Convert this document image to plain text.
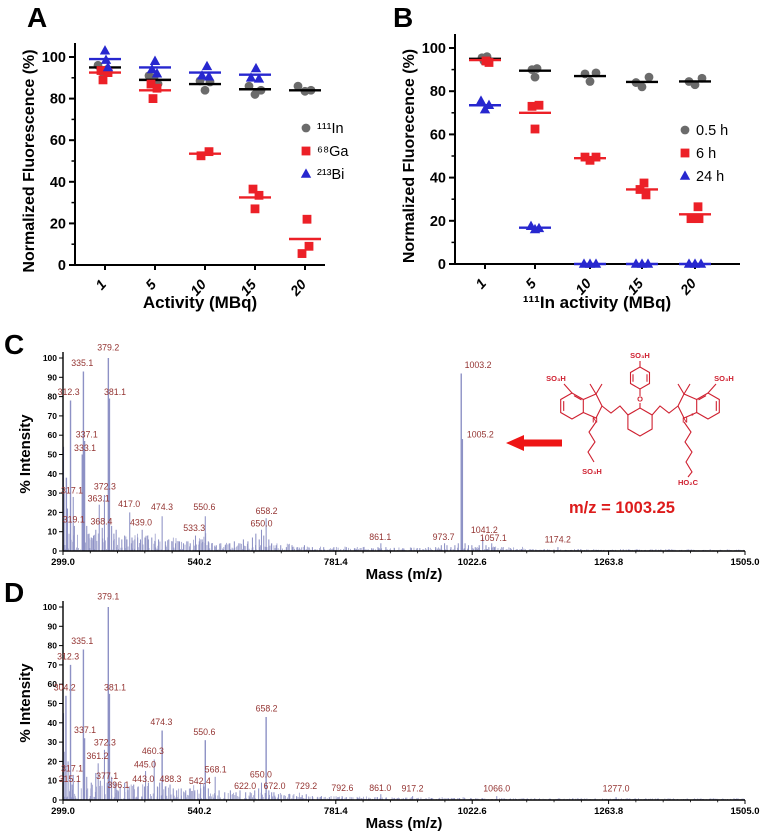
A	B
C
D
0
20
40
60
80
100
1 5 10 15 20
¹¹¹In
⁶⁸Ga
²¹³Bi
Activity (MBq)
Normalized Fluorescence (%)	0
20
40
60
80
100
1 5 10 15 20
0.5 h
6 h
24 h
¹¹¹In activity (MBq)
Normalized Fluorecence (%)
0
10
20
30
40
50
60
70
80
90
100
299.0	540.2	781.4	1022.6	1263.8	1505.0
379.2
335.1
312.3	381.1
337.1
333.1
372.3
317.1
363.1
417.0 474.3 550.6
319.1 368.4 439.0
533.3
658.2
650.0
861.1	973.7
1003.2
1005.2
1041.2
1057.1	1174.2
Mass (m/z)
% Intensity
SO₃H
SO₃H
SO₃H
SO₃H
HO₂C
O
N	N +
m/z = 1003.25
0
10
20
30
40
50
60
70
80
90
100
299.0	540.2	781.4	1022.6	1263.8	1505.0
379.1
335.1
312.3
304.2	381.1
337.1
372.3
361.2
317.1
315.1 377.1
396.1
474.3
460.3
445.0
443.0 488.3
550.6
542.4
568.1
658.2
650.0
622.0 672.0 729.2 792.6 861.0 917.2	1066.0	1277.0
Mass (m/z)
% Intensity
